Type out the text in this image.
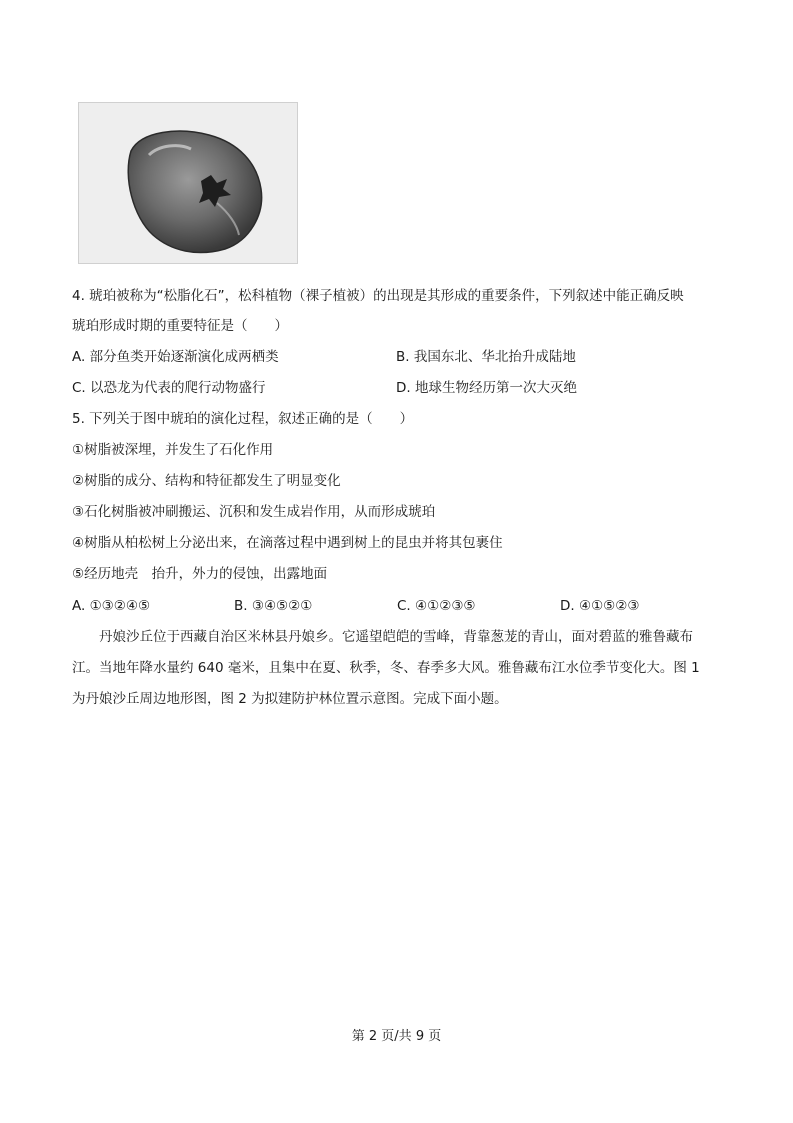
4. 琥珀被称为“松脂化石”，松科植物（裸子植被）的出现是其形成的重要条件，下列叙述中能正确反映
琥珀形成时期的重要特征是（　　）
A. 部分鱼类开始逐渐演化成两栖类	B. 我国东北、华北抬升成陆地
C. 以恐龙为代表的爬行动物盛行	D. 地球生物经历第一次大灭绝
5. 下列关于图中琥珀的演化过程，叙述正确的是（　　）
①树脂被深埋，并发生了石化作用
②树脂的成分、结构和特征都发生了明显变化
③石化树脂被冲刷搬运、沉积和发生成岩作用，从而形成琥珀
④树脂从柏松树上分泌出来，在滴落过程中遇到树上的昆虫并将其包裹住
⑤经历地壳　抬升，外力的侵蚀，出露地面
A. ①③②④⑤	B. ③④⑤②①	C. ④①②③⑤	D. ④①⑤②③
丹娘沙丘位于西藏自治区米林县丹娘乡。它遥望皑皑的雪峰，背靠葱茏的青山，面对碧蓝的雅鲁藏布
江。当地年降水量约 640 毫米，且集中在夏、秋季，冬、春季多大风。雅鲁藏布江水位季节变化大。图 1
为丹娘沙丘周边地形图，图 2 为拟建防护林位置示意图。完成下面小题。
第 2 页/共 9 页
